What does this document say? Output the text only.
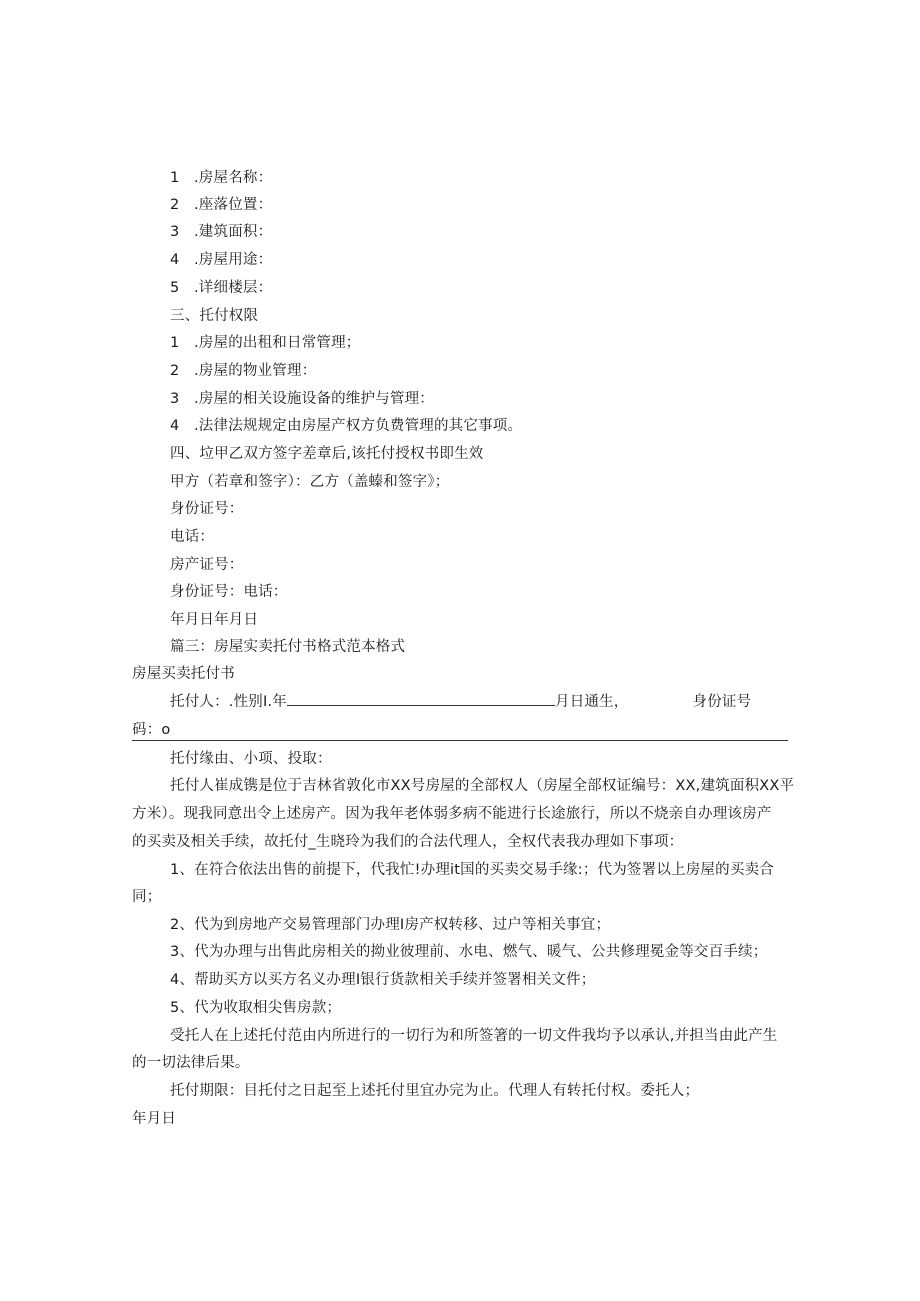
1 .房屋名称：
2 .座落位置：
3 .建筑面积：
4 .房屋用途：
5 .详细楼层：
三、托付权限
1 .房屋的出租和日常管理；
2 .房屋的物业管理：
3 .房屋的相关设施设备的维护与管理：
4 .法律法规规定由房屋产权方负费管理的其它事项。
四、垃甲乙双方签字差章后,该托付授权书即生效
甲方（若章和签字）：乙方（盖螓和签字》；
身份证号：
电话：
房产证号：
身份证号：电话：
年月日年月日
篇三：房屋实卖托付书格式范本格式
房屋买卖托付书
托付人：.性别I.年	月日通生，	身份证号
码：o
托付缘由、小项、投取：
托付人崔成镌是位于吉林省敦化市XX号房屋的全部权人（房屋全部权证编号：XX,建筑面积XX平
方米）。现我同意出令上述房产。因为我年老体弱多病不能进行长途旅行，所以不烧亲自办理该房产
的买卖及相关手续，故托付_生晓玲为我们的合法代理人，全权代表我办理如下事项：
1、在符合依法出售的前提下，代我忙!办理it国的买卖交易手缘:；代为签署以上房屋的买卖合
同；
2、代为到房地产交易管理部门办理I房产权转移、过户等相关事宜；
3、代为办理与出售此房相关的拗业彼理前、水电、燃气、暖气、公共修理冕金等交百手续；
4、帮助买方以买方名义办理I银行货款相关手续并签署相关文件；
5、代为收取相尖售房款；
受托人在上述托付范由内所进行的一切行为和所签箸的一切文件我均予以承认,并担当由此产生
的一切法律后果。
托付期限：目托付之日起至上述托付里宜办完为止。代理人有转托付权。委托人；
年月日
